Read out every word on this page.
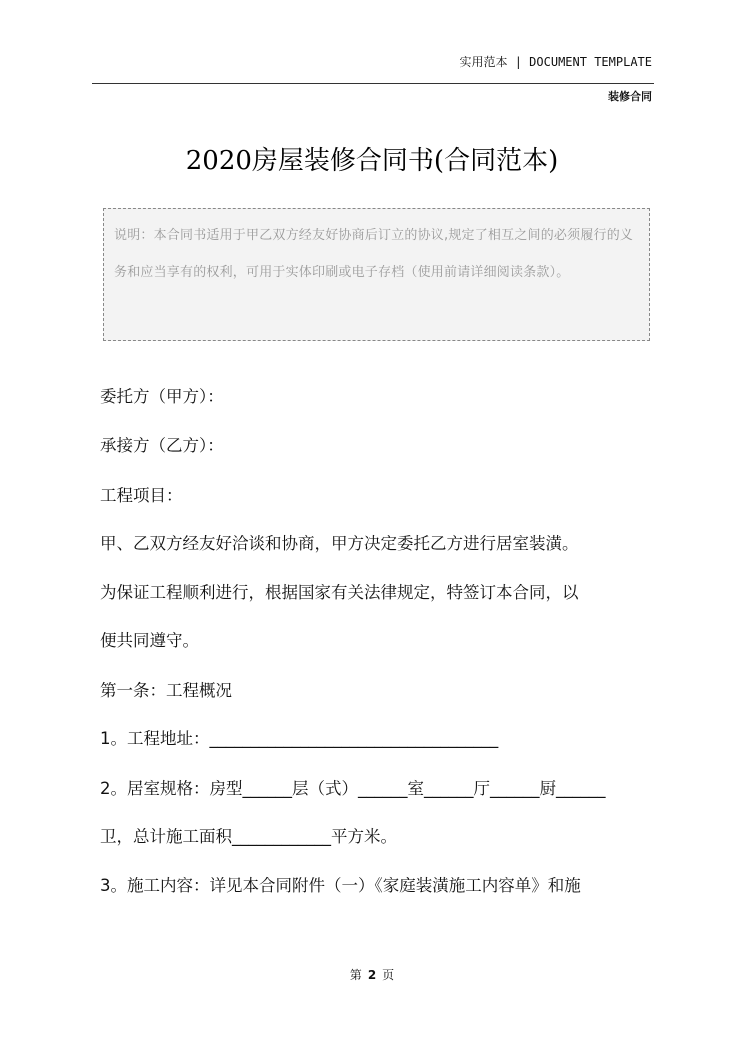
实用范本 | DOCUMENT TEMPLATE
装修合同
2020房屋装修合同书(合同范本)
说明：本合同书适用于甲乙双方经友好协商后订立的协议,规定了相互之间的必须履行的义务和应当享有的权利，可用于实体印刷或电子存档（使用前请详细阅读条款）。
委托方（甲方）：
承接方（乙方）：
工程项目：
甲、乙双方经友好洽谈和协商，甲方决定委托乙方进行居室装潢。
为保证工程顺利进行，根据国家有关法律规定，特签订本合同，以
便共同遵守。
第一条：工程概况
1。工程地址：___________________________________
2。居室规格：房型______层（式）______室______厅______厨______
卫，总计施工面积____________平方米。
3。施工内容：详见本合同附件（一）《家庭装潢施工内容单》和施
第 2 页
